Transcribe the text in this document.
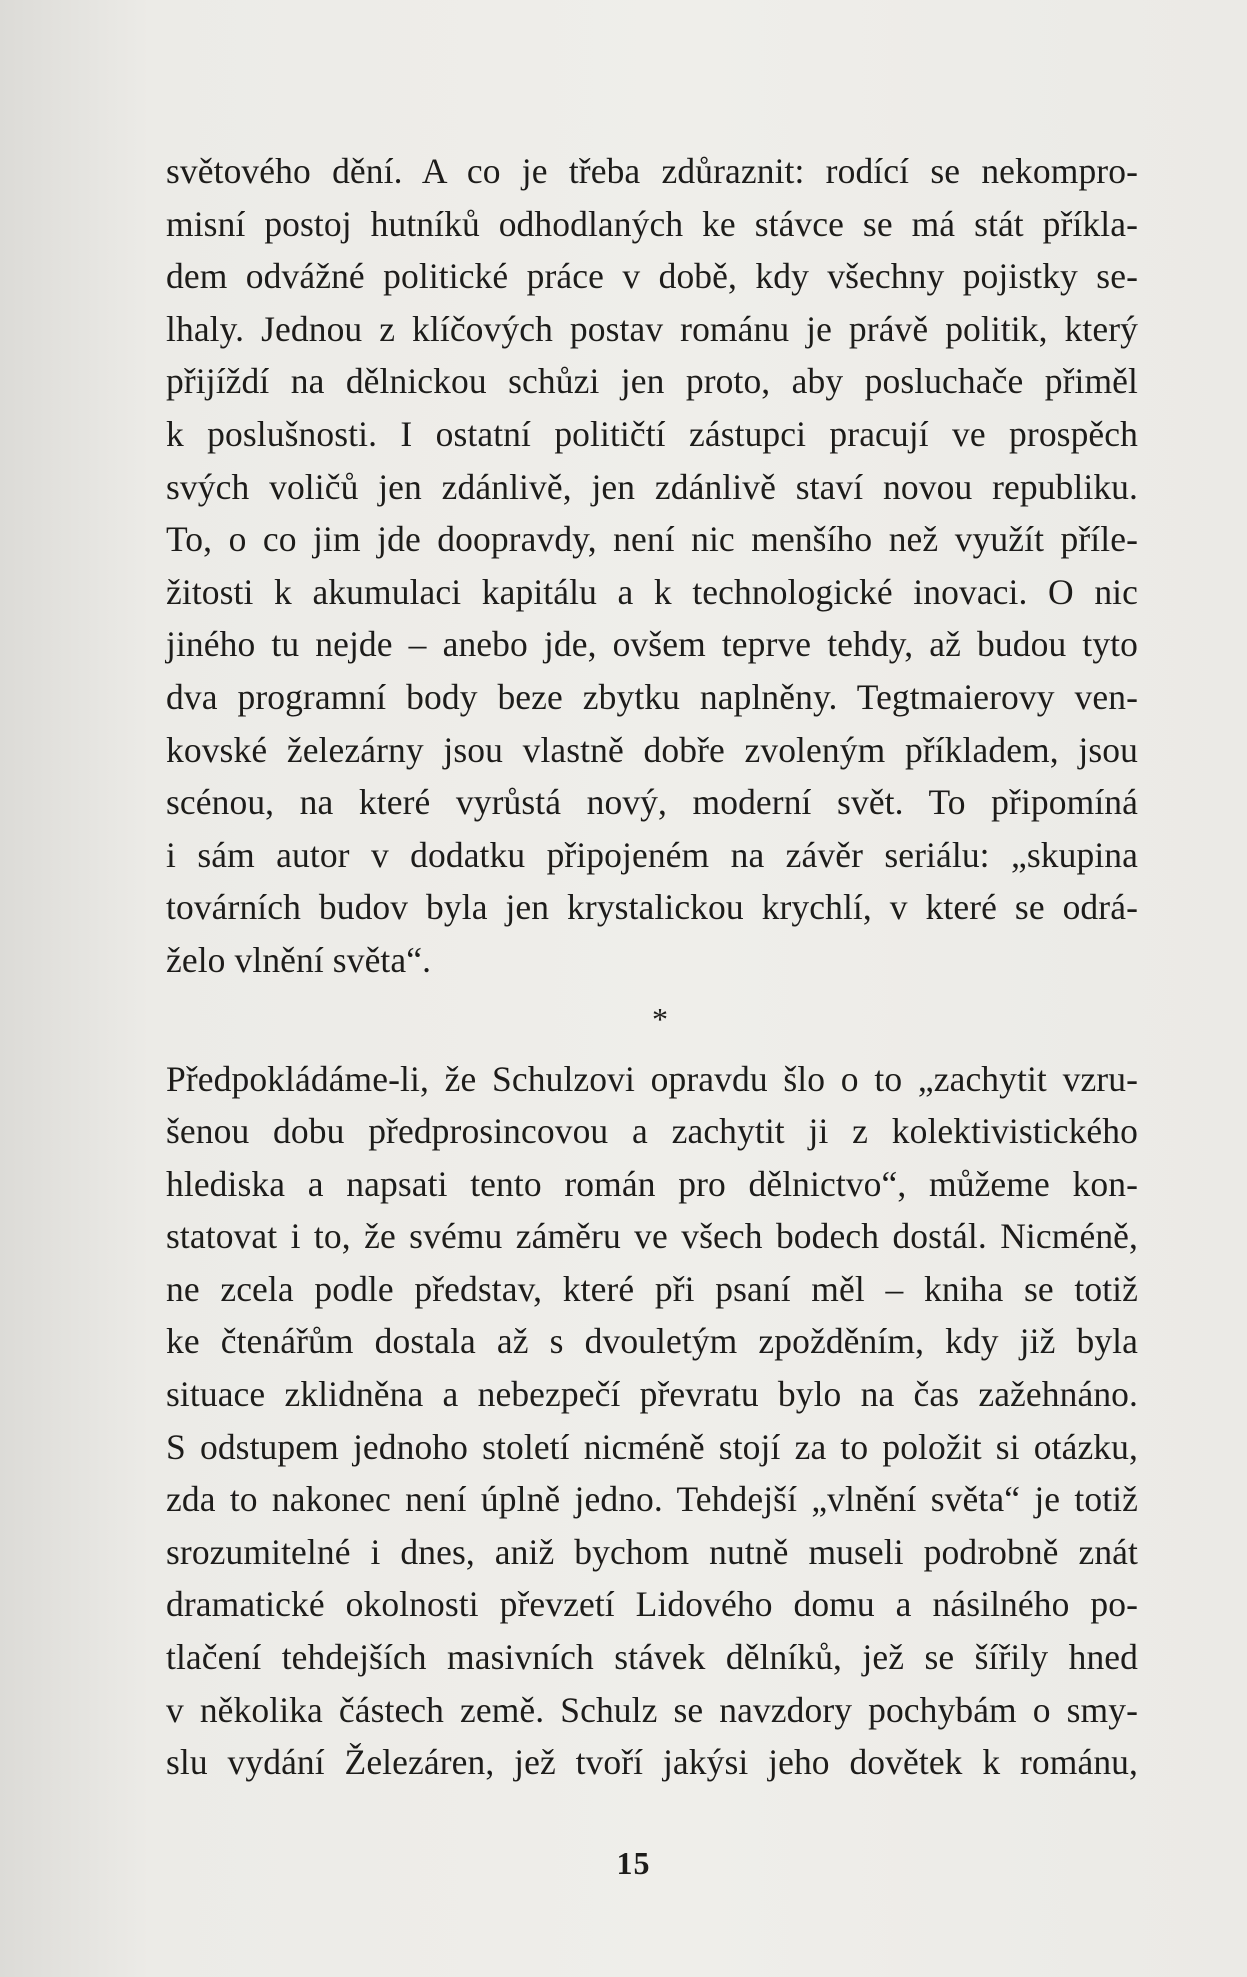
světového dění. A co je třeba zdůraznit: rodící se nekompro-
misní postoj hutníků odhodlaných ke stávce se má stát příkla-
dem odvážné politické práce v době, kdy všechny pojistky se-
lhaly. Jednou z klíčových postav románu je právě politik, který
přijíždí na dělnickou schůzi jen proto, aby posluchače přiměl
k poslušnosti. I ostatní političtí zástupci pracují ve prospěch
svých voličů jen zdánlivě, jen zdánlivě staví novou republiku.
To, o co jim jde doopravdy, není nic menšího než využít příle-
žitosti k akumulaci kapitálu a k technologické inovaci. O nic
jiného tu nejde – anebo jde, ovšem teprve tehdy, až budou tyto
dva programní body beze zbytku naplněny. Tegtmaierovy ven-
kovské železárny jsou vlastně dobře zvoleným příkladem, jsou
scénou, na které vyrůstá nový, moderní svět. To připomíná
i sám autor v dodatku připojeném na závěr seriálu: „skupina
továrních budov byla jen krystalickou krychlí, v které se odrá-
želo vlnění světa“.
*
Předpokládáme-li, že Schulzovi opravdu šlo o to „zachytit vzru-
šenou dobu předprosincovou a zachytit ji z kolektivistického
hlediska a napsati tento román pro dělnictvo“, můžeme kon-
statovat i to, že svému záměru ve všech bodech dostál. Nicméně,
ne zcela podle představ, které při psaní měl – kniha se totiž
ke čtenářům dostala až s dvouletým zpožděním, kdy již byla
situace zklidněna a nebezpečí převratu bylo na čas zažehnáno.
S odstupem jednoho století nicméně stojí za to položit si otázku,
zda to nakonec není úplně jedno. Tehdejší „vlnění světa“ je totiž
srozumitelné i dnes, aniž bychom nutně museli podrobně znát
dramatické okolnosti převzetí Lidového domu a násilného po-
tlačení tehdejších masivních stávek dělníků, jež se šířily hned
v několika částech země. Schulz se navzdory pochybám o smy-
slu vydání Železáren, jež tvoří jakýsi jeho dovětek k románu,
15
